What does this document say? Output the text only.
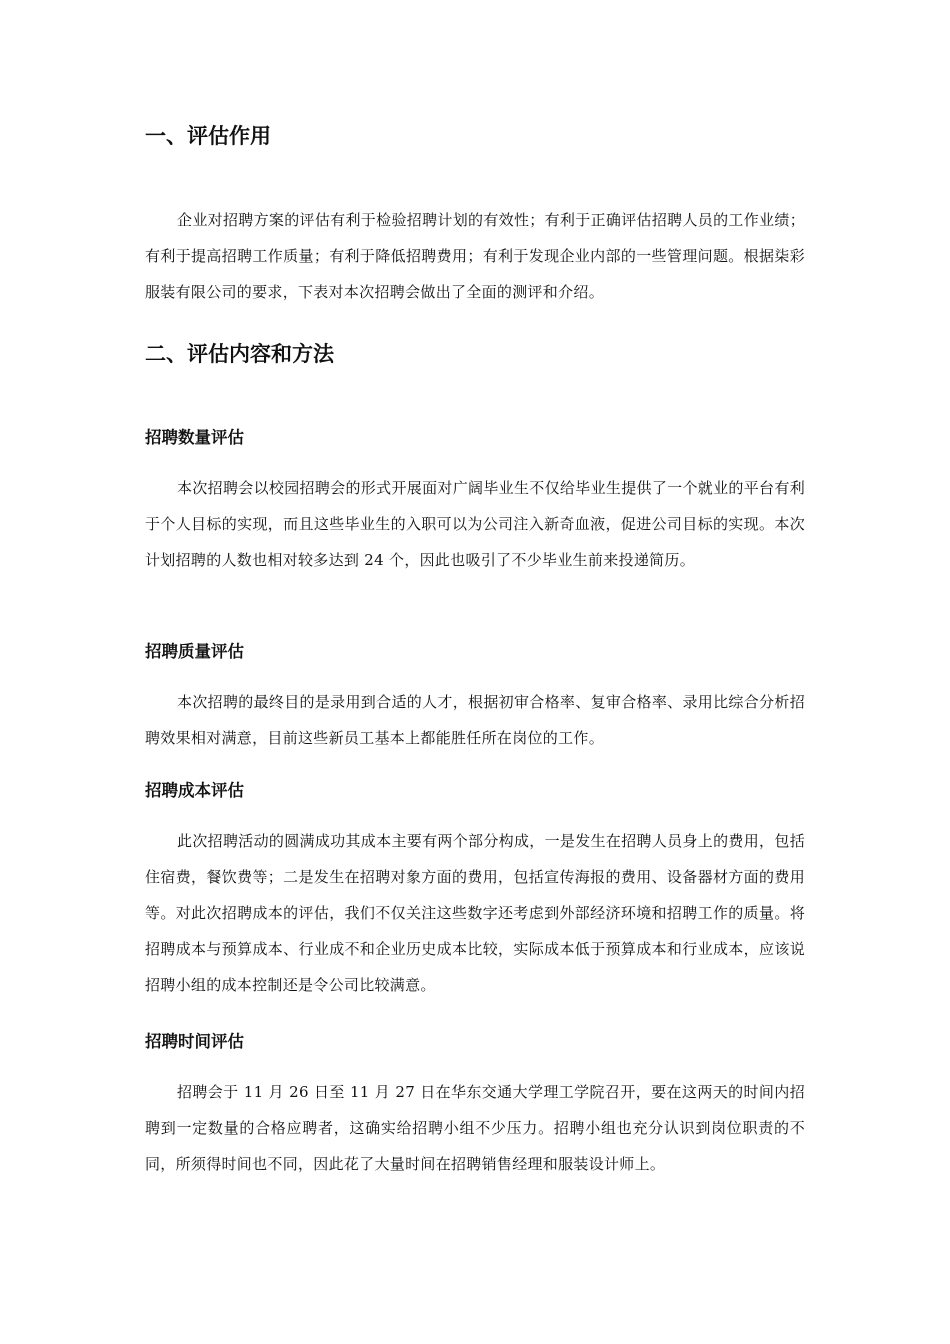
一、评估作用

企业对招聘方案的评估有利于检验招聘计划的有效性；有利于正确评估招聘人员的工作业绩；有利于提高招聘工作质量；有利于降低招聘费用；有利于发现企业内部的一些管理问题。根据柒彩服装有限公司的要求，下表对本次招聘会做出了全面的测评和介绍。

二、评估内容和方法
招聘数量评估

本次招聘会以校园招聘会的形式开展面对广阔毕业生不仅给毕业生提供了一个就业的平台有利于个人目标的实现，而且这些毕业生的入职可以为公司注入新奇血液，促进公司目标的实现。本次计划招聘的人数也相对较多达到 24 个，因此也吸引了不少毕业生前来投递简历。

招聘质量评估

本次招聘的最终目的是录用到合适的人才，根据初审合格率、复审合格率、录用比综合分析招聘效果相对满意，目前这些新员工基本上都能胜任所在岗位的工作。

招聘成本评估

此次招聘活动的圆满成功其成本主要有两个部分构成，一是发生在招聘人员身上的费用，包括住宿费，餐饮费等；二是发生在招聘对象方面的费用，包括宣传海报的费用、设备器材方面的费用等。对此次招聘成本的评估，我们不仅关注这些数字还考虑到外部经济环境和招聘工作的质量。将招聘成本与预算成本、行业成不和企业历史成本比较，实际成本低于预算成本和行业成本，应该说招聘小组的成本控制还是令公司比较满意。

招聘时间评估

招聘会于 11 月 26 日至 11 月 27 日在华东交通大学理工学院召开，要在这两天的时间内招聘到一定数量的合格应聘者，这确实给招聘小组不少压力。招聘小组也充分认识到岗位职责的不同，所须得时间也不同，因此花了大量时间在招聘销售经理和服装设计师上。
